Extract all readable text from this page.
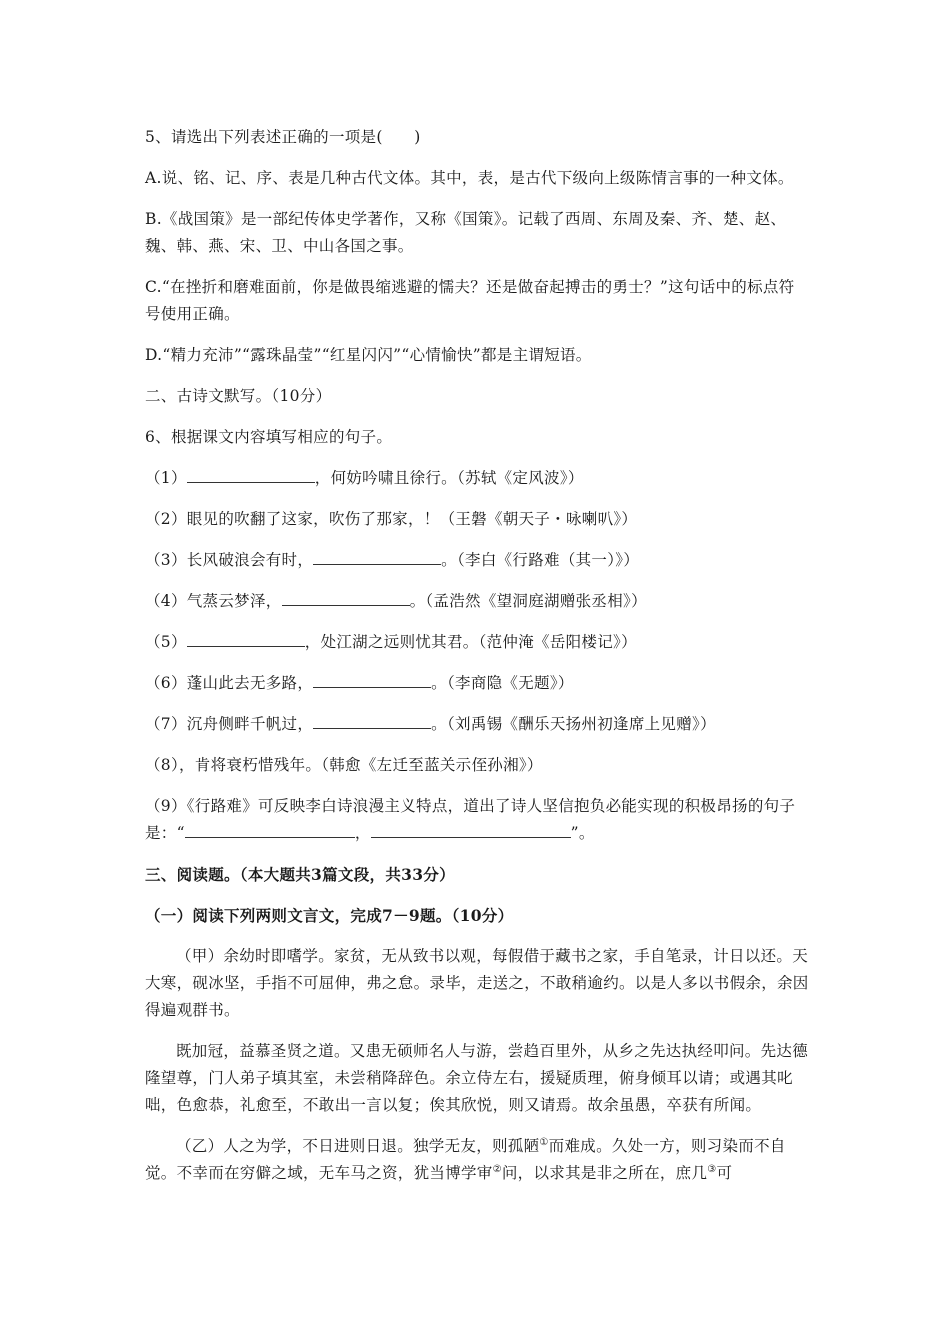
5、请选出下列表述正确的一项是(　　)

A.说、铭、记、序、表是几种古代文体。其中，表，是古代下级向上级陈情言事的一种文体。

B.《战国策》是一部纪传体史学著作，又称《国策》。记载了西周、东周及秦、齐、楚、赵、魏、韩、燕、宋、卫、中山各国之事。

C.“在挫折和磨难面前，你是做畏缩逃避的懦夫？还是做奋起搏击的勇士？”这句话中的标点符号使用正确。

D.“精力充沛”“露珠晶莹”“红星闪闪”“心情愉快”都是主谓短语。

二、古诗文默写。（10分）

6、根据课文内容填写相应的句子。

（1）	，何妨吟啸且徐行。（苏轼《定风波》）

（2）眼见的吹翻了这家，吹伤了那家，！（王磐《朝天子・咏喇叭》）

（3）长风破浪会有时，	。（李白《行路难（其一）》）

（4）气蒸云梦泽，	。（孟浩然《望洞庭湖赠张丞相》）

（5）	，处江湖之远则忧其君。（范仲淹《岳阳楼记》）

（6）蓬山此去无多路，	。（李商隐《无题》）

（7）沉舟侧畔千帆过，	。（刘禹锡《酬乐天扬州初逢席上见赠》）

（8），肯将衰朽惜残年。（韩愈《左迁至蓝关示侄孙湘》）

（9）《行路难》可反映李白诗浪漫主义特点，道出了诗人坚信抱负必能实现的积极昂扬的句子是：“	，	”。

三、阅读题。（本大题共3篇文段，共33分）

（一）阅读下列两则文言文，完成7－9题。（10分）

（甲）余幼时即嗜学。家贫，无从致书以观，每假借于藏书之家，手自笔录，计日以还。天大寒，砚冰坚，手指不可屈伸，弗之怠。录毕，走送之，不敢稍逾约。以是人多以书假余，余因得遍观群书。

既加冠，益慕圣贤之道。又患无硕师名人与游，尝趋百里外，从乡之先达执经叩问。先达德隆望尊，门人弟子填其室，未尝稍降辞色。余立侍左右，援疑质理，俯身倾耳以请；或遇其叱咄，色愈恭，礼愈至，不敢出一言以复；俟其欣悦，则又请焉。故余虽愚，卒获有所闻。

（乙）人之为学，不日进则日退。独学无友，则孤陋①而难成。久处一方，则习染而不自觉。不幸而在穷僻之域，无车马之资，犹当博学审②问，以求其是非之所在，庶几③可
